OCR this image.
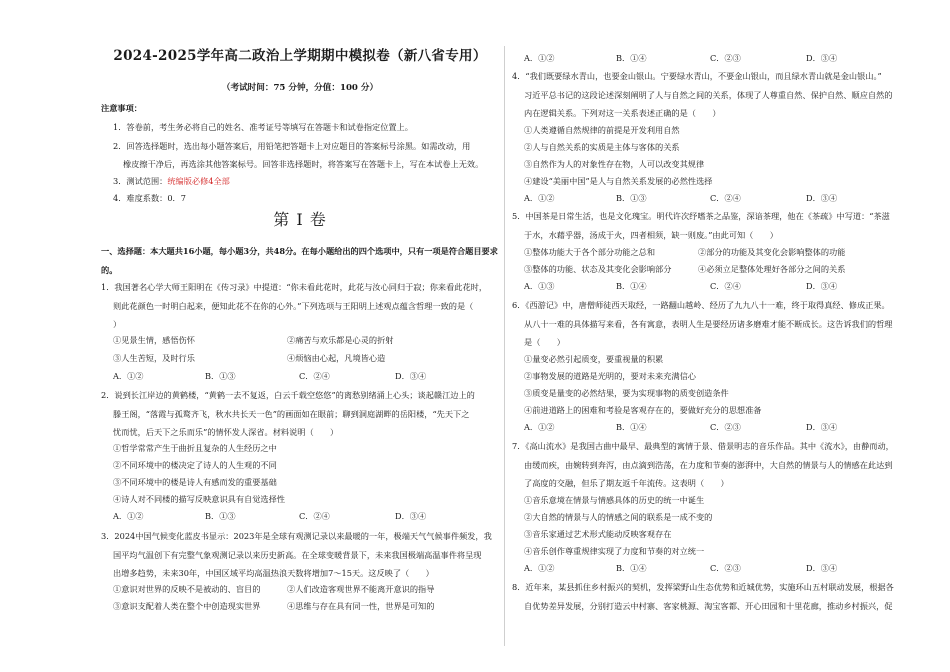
2024-2025学年高二政治上学期期中模拟卷（新八省专用）
（考试时间：75 分钟，分值：100 分）
注意事项：
1．答卷前，考生务必将自己的姓名、准考证号等填写在答题卡和试卷指定位置上。
2．回答选择题时，选出每小题答案后，用铅笔把答题卡上对应题目的答案标号涂黑。如需改动，用
橡皮擦干净后，再选涂其他答案标号。回答非选择题时，将答案写在答题卡上，写在本试卷上无效。
3．测试范围：统编版必修4全部
4．难度系数：0．7
第 I 卷
一、选择题：本大题共16小题，每小题3分，共48分。在每小题给出的四个选项中，只有一项是符合题目要求的。
1．我国著名心学大师王阳明在《传习录》中提道：“你未看此花时，此花与汝心同归于寂；你来看此花时，
则此花颜色一时明白起来，便知此花不在你的心外。”下列选项与王阳明上述观点蕴含哲理一致的是（
）
①见景生情，感悟伤怀	②痛苦与欢乐都是心灵的折射
③人生苦短，及时行乐	④烦恼由心起，凡境皆心造
A．①②	B．①③	C．②④	D．③④
2．说到长江岸边的黄鹤楼，“黄鹤一去不复返，白云千载空悠悠”的离愁别绪涌上心头；谈起赣江边上的
滕王阁，“落霞与孤鹜齐飞，秋水共长天一色”的画面如在眼前；聊到洞庭湖畔的岳阳楼，“先天下之
忧而忧，后天下之乐而乐”的情怀发人深省。材料说明（　　）
①哲学常常产生于曲折且复杂的人生经历之中
②不同环境中的楼决定了诗人的人生观的不同
③不同环境中的楼是诗人有感而发的重要基础
④诗人对不同楼的描写反映意识具有自觉选择性
A．①②	B．①③	C．②④	D．③④
3．2024中国气候变化蓝皮书显示：2023年是全球有观测记录以来最暖的一年，极端天气气候事件频发，我
国平均气温创下有完整气象观测记录以来历史新高。在全球变暖背景下，未来我国极端高温事件将呈现
出增多趋势，未来30年，中国区域平均高温热浪天数将增加7～15天。这反映了（　　）
①意识对世界的反映不是被动的、盲目的	②人们改造客观世界不能离开意识的指导
③意识支配着人类在整个中创造现实世界	④思维与存在具有同一性，世界是可知的
A．①②	B．①④	C．②③	D．③④
4．“我们既要绿水青山，也要金山银山。宁要绿水青山，不要金山银山，而且绿水青山就是金山银山。”
习近平总书记的这段论述深刻阐明了人与自然之间的关系，体现了人尊重自然、保护自然、顺应自然的
内在逻辑关系。下列对这一关系表述正确的是（　　）
①人类遵循自然规律的前提是开发利用自然
②人与自然关系的实质是主体与客体的关系
③自然作为人的对象性存在物，人可以改变其规律
④建设“美丽中国”是人与自然关系发展的必然性选择
A．①②	B．①③	C．②④	D．③④
5．中国茶是日常生活，也是文化瑰宝。明代许次纾嗜茶之品鉴，深谙茶理，他在《茶疏》中写道：“茶滋
于水，水藉乎器，汤成于火，四者相须，缺一则废。”由此可知（　　）
①整体功能大于各个部分功能之总和	②部分的功能及其变化会影响整体的功能
③整体的功能、状态及其变化会影响部分	④必须立足整体处理好各部分之间的关系
A．①③	B．①④	C．②④	D．③④
6．《西游记》中，唐僧师徒西天取经，一路翻山越岭、经历了九九八十一难，终于取得真经、修成正果。
从八十一难的具体描写来看，各有寓意，表明人生是要经历诸多磨难才能不断成长。这告诉我们的哲理
是（　　）
①量变必然引起质变，要重视量的积累
②事物发展的道路是光明的，要对未来充满信心
③质变是量变的必然结果，要为实现事物的质变创造条件
④前进道路上的困难和考验是客观存在的，要做好充分的思想准备
A．①②	B．①④	C．②③	D．③④
7．《高山流水》是我国古曲中最早、最典型的寓情于景、借景明志的音乐作品。其中《流水》，由静而动，
由缓而疾，由婉转到奔泻，由点滴到浩荡，在力度和节奏的澎湃中，大自然的情景与人的情感在此达到
了高度的交融，但乐了期友返千年流传。这表明（　　）
①音乐意境在情景与情感具体的历史的统一中诞生
②大自然的情景与人的情感之间的联系是一成不变的
③音乐家通过艺术形式能动反映客观存在
④音乐创作尊重规律实现了力度和节奏的对立统一
A．①②	B．①④	C．②③	D．③④
8．近年来，某县抓住乡村振兴的契机，发挥梁野山生态优势和近城优势，实施环山五村联动发展，根据各
自优势差异发展，分别打造云中村寨、客家桃源、淘宝客都、开心田园和十里花廊，推动乡村振兴，促
